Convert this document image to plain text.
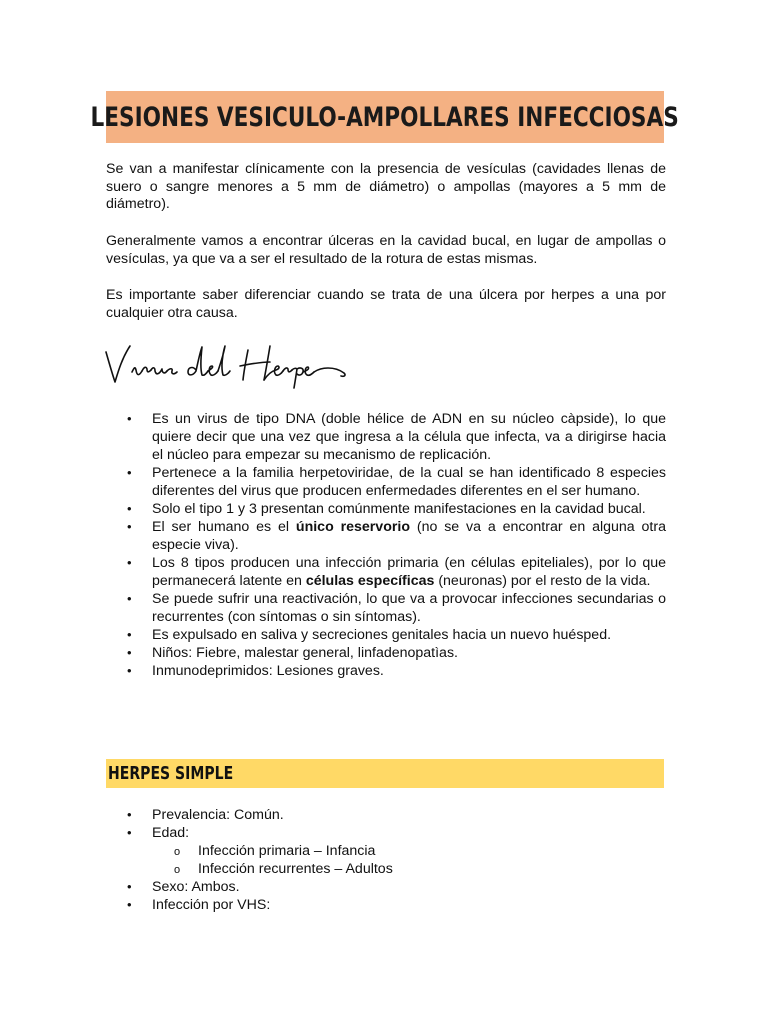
LESIONES VESICULO-AMPOLLARES INFECCIOSAS

Se van a manifestar clínicamente con la presencia de vesículas (cavidades llenas de suero o sangre menores a 5 mm de diámetro) o ampollas (mayores a 5 mm de diámetro).

Generalmente vamos a encontrar úlceras en la cavidad bucal, en lugar de ampollas o vesículas, ya que va a ser el resultado de la rotura de estas mismas.

Es importante saber diferenciar cuando se trata de una úlcera por herpes a una por cualquier otra causa.

• Es un virus de tipo DNA (doble hélice de ADN en su núcleo càpside), lo que quiere decir que una vez que ingresa a la célula que infecta, va a dirigirse hacia el núcleo para empezar su mecanismo de replicación.
• Pertenece a la familia herpetoviridae, de la cual se han identificado 8 especies diferentes del virus que producen enfermedades diferentes en el ser humano.
• Solo el tipo 1 y 3 presentan comúnmente manifestaciones en la cavidad bucal.
• El ser humano es el único reservorio (no se va a encontrar en alguna otra especie viva).
• Los 8 tipos producen una infección primaria (en células epiteliales), por lo que permanecerá latente en células específicas (neuronas) por el resto de la vida.
• Se puede sufrir una reactivación, lo que va a provocar infecciones secundarias o recurrentes (con síntomas o sin síntomas).
• Es expulsado en saliva y secreciones genitales hacia un nuevo huésped.
• Niños: Fiebre, malestar general, linfadenopatìas.
• Inmunodeprimidos: Lesiones graves.
HERPES SIMPLE
• Prevalencia: Común.
• Edad:
o Infección primaria – Infancia
o Infección recurrentes – Adultos
• Sexo: Ambos.
• Infección por VHS:
